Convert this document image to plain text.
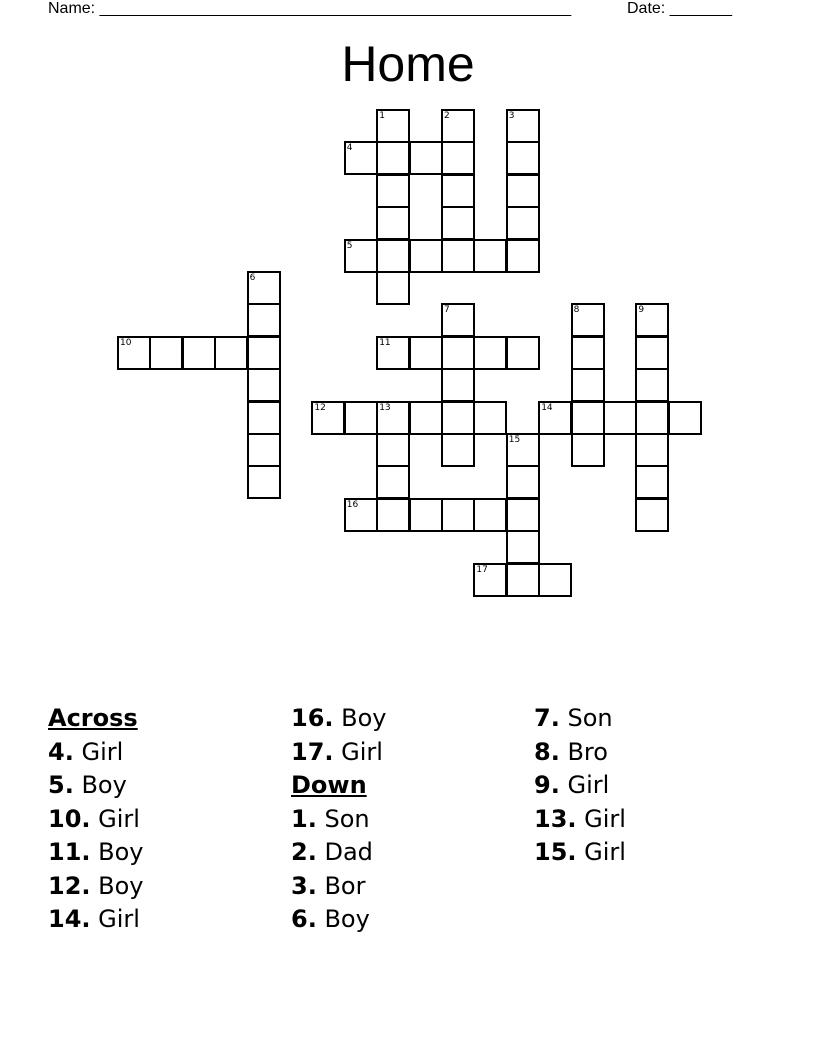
Name: _____________________________________________________	Date: _______
Home
1	2	3
4
5
6
7	8	9
10	11
12	13	14
15
16
17
Across
4. Girl
5. Boy
10. Girl
11. Boy
12. Boy
14. Girl
16. Boy
17. Girl
Down
1. Son
2. Dad
3. Bor
6. Boy
7. Son
8. Bro
9. Girl
13. Girl
15. Girl
